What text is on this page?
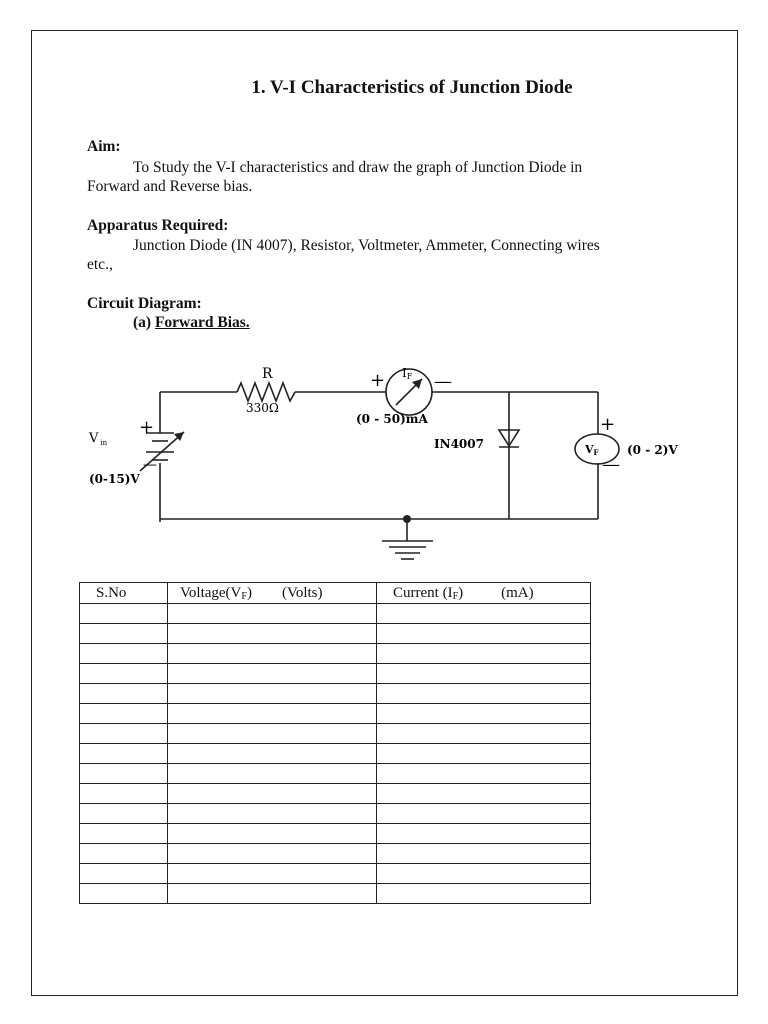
1. V-I Characteristics of Junction Diode
Aim:
To Study the V-I characteristics and draw the graph of Junction Diode in
Forward and Reverse bias.
Apparatus Required:
Junction Diode (IN 4007), Resistor, Voltmeter, Ammeter, Connecting wires
etc.,
Circuit Diagram:
(a) Forward Bias.
R
330Ω
+	—
IF
(0 - 50)mA
+
—
V $_{in}$
(0-15)V
IN4007	VF
+
—
(0 - 2)V
S.No	$Voltage(V_F)$ (Volts)	Current $(I_F)$ (mA)
